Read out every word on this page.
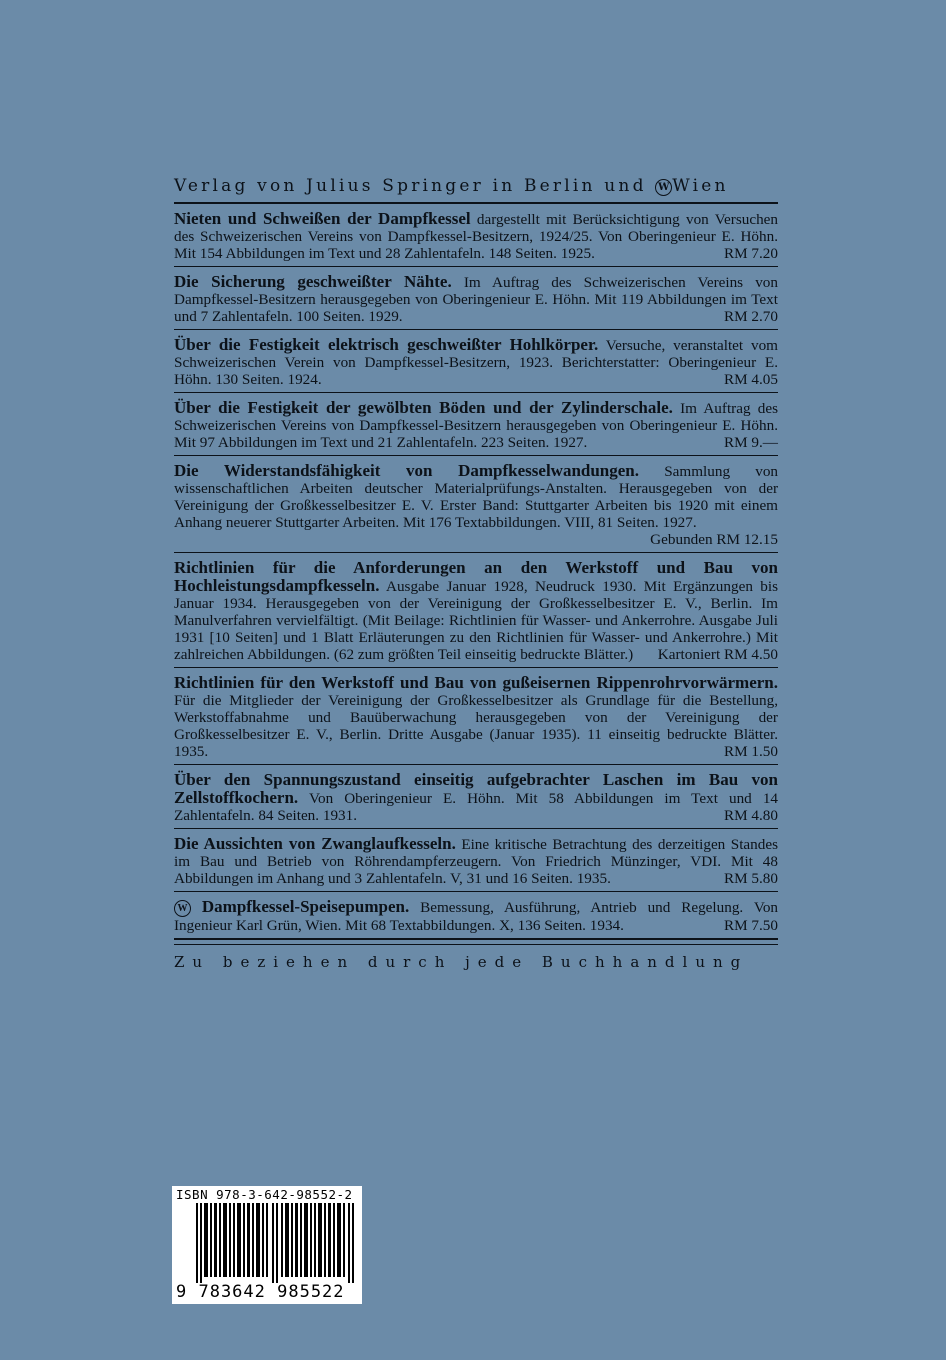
Verlag von Julius Springer in Berlin und W Wien
Nieten und Schweißen der Dampfkessel dargestellt mit Berücksichtigung von Versuchen des Schweizerischen Vereins von Dampfkessel-Besitzern, 1924/25. Von Oberingenieur E. Höhn. Mit 154 Abbildungen im Text und 28 Zahlentafeln. 148 Seiten. 1925.	RM 7.20
Die Sicherung geschweißter Nähte. Im Auftrag des Schweizerischen Vereins von Dampfkessel-Besitzern herausgegeben von Oberingenieur E. Höhn. Mit 119 Abbildungen im Text und 7 Zahlentafeln. 100 Seiten. 1929.	RM 2.70
Über die Festigkeit elektrisch geschweißter Hohlkörper. Versuche, veranstaltet vom Schweizerischen Verein von Dampfkessel-Besitzern, 1923. Berichterstatter: Oberingenieur E. Höhn. 130 Seiten. 1924.	RM 4.05
Über die Festigkeit der gewölbten Böden und der Zylinderschale. Im Auftrag des Schweizerischen Vereins von Dampfkessel-Besitzern herausgegeben von Oberingenieur E. Höhn. Mit 97 Abbildungen im Text und 21 Zahlentafeln. 223 Seiten. 1927.	RM 9.—
Die Widerstandsfähigkeit von Dampfkesselwandungen. Sammlung von wissenschaftlichen Arbeiten deutscher Materialprüfungs-Anstalten. Herausgegeben von der Vereinigung der Großkesselbesitzer E. V. Erster Band: Stuttgarter Arbeiten bis 1920 mit einem Anhang neuerer Stuttgarter Arbeiten. Mit 176 Textabbildungen. VIII, 81 Seiten. 1927.
Gebunden RM 12.15
Richtlinien für die Anforderungen an den Werkstoff und Bau von Hochleistungsdampfkesseln. Ausgabe Januar 1928, Neudruck 1930. Mit Ergänzungen bis Januar 1934. Herausgegeben von der Vereinigung der Großkesselbesitzer E. V., Berlin. Im Manulverfahren vervielfältigt. (Mit Beilage: Richtlinien für Wasser- und Ankerrohre. Ausgabe Juli 1931 [10 Seiten] und 1 Blatt Erläuterungen zu den Richtlinien für Wasser- und Ankerrohre.) Mit zahlreichen Abbildungen. (62 zum größten Teil einseitig bedruckte Blätter.) Kartoniert RM 4.50
Richtlinien für den Werkstoff und Bau von gußeisernen Rippenrohrvorwärmern. Für die Mitglieder der Vereinigung der Großkesselbesitzer als Grundlage für die Bestellung, Werkstoffabnahme und Bauüberwachung herausgegeben von der Vereinigung der Großkesselbesitzer E. V., Berlin. Dritte Ausgabe (Januar 1935). 11 einseitig bedruckte Blätter. 1935.	RM 1.50
Über den Spannungszustand einseitig aufgebrachter Laschen im Bau von Zellstoffkochern. Von Oberingenieur E. Höhn. Mit 58 Abbildungen im Text und 14 Zahlentafeln. 84 Seiten. 1931.	RM 4.80
Die Aussichten von Zwanglaufkesseln. Eine kritische Betrachtung des derzeitigen Standes im Bau und Betrieb von Röhrendampferzeugern. Von Friedrich Münzinger, VDI. Mit 48 Abbildungen im Anhang und 3 Zahlentafeln. V, 31 und 16 Seiten. 1935.	RM 5.80
W Dampfkessel-Speisepumpen. Bemessung, Ausführung, Antrieb und Regelung. Von Ingenieur Karl Grün, Wien. Mit 68 Textabbildungen. X, 136 Seiten. 1934.	RM 7.50
Zu beziehen durch jede Buchhandlung
ISBN 978-3-642-98552-2
9 783642 985522
